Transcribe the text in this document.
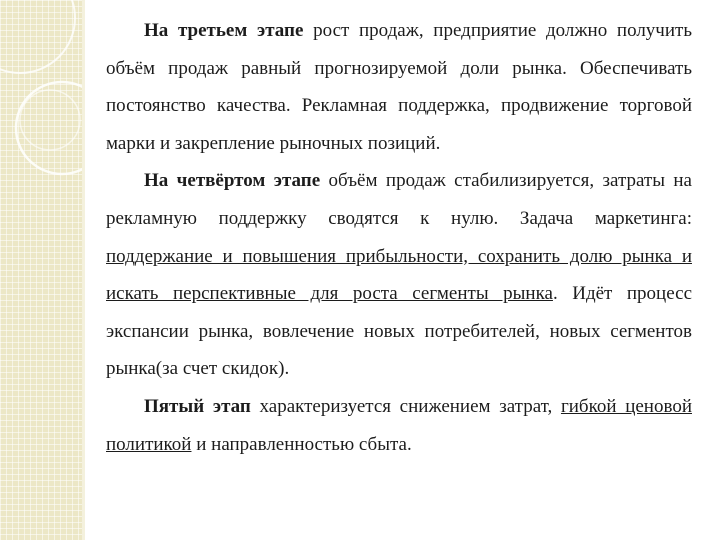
На третьем этапе рост продаж, предприятие должно получить объём продаж равный прогнозируемой доли рынка. Обеспечивать постоянство качества. Рекламная поддержка, продвижение торговой марки и закрепление рыночных позиций.

На четвёртом этапе объём продаж стабилизируется, затраты на рекламную поддержку сводятся к нулю. Задача маркетинга: поддержание и повышения прибыльности, сохранить долю рынка и искать перспективные для роста сегменты рынка. Идёт процесс экспансии рынка, вовлечение новых потребителей, новых сегментов рынка(за счет скидок).

Пятый этап характеризуется снижением затрат, гибкой ценовой политикой и направленностью сбыта.
